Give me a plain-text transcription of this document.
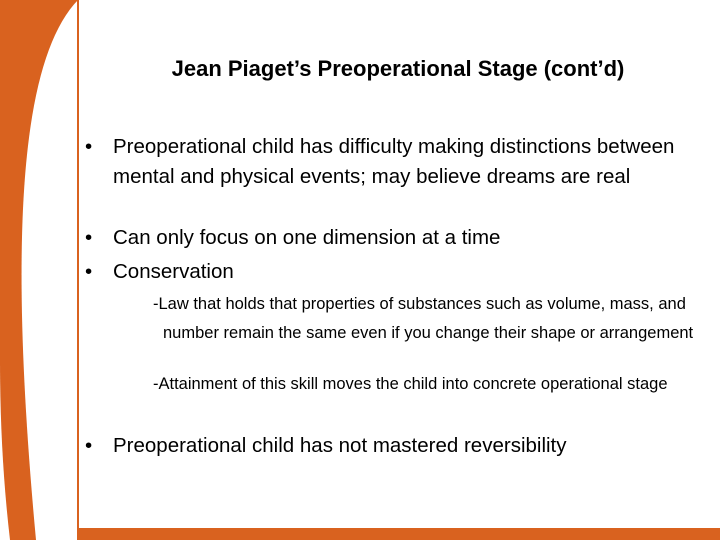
Jean Piaget’s Preoperational Stage (cont’d)
•	Preoperational child has difficulty making distinctions between mental and physical events; may believe dreams are real
•	Can only focus on one dimension at a time
•	Conservation
-Law that holds that properties of substances such as volume, mass, and number remain the same even if you change their shape or arrangement
-Attainment of this skill moves the child into concrete operational stage
•	Preoperational child has not mastered reversibility
